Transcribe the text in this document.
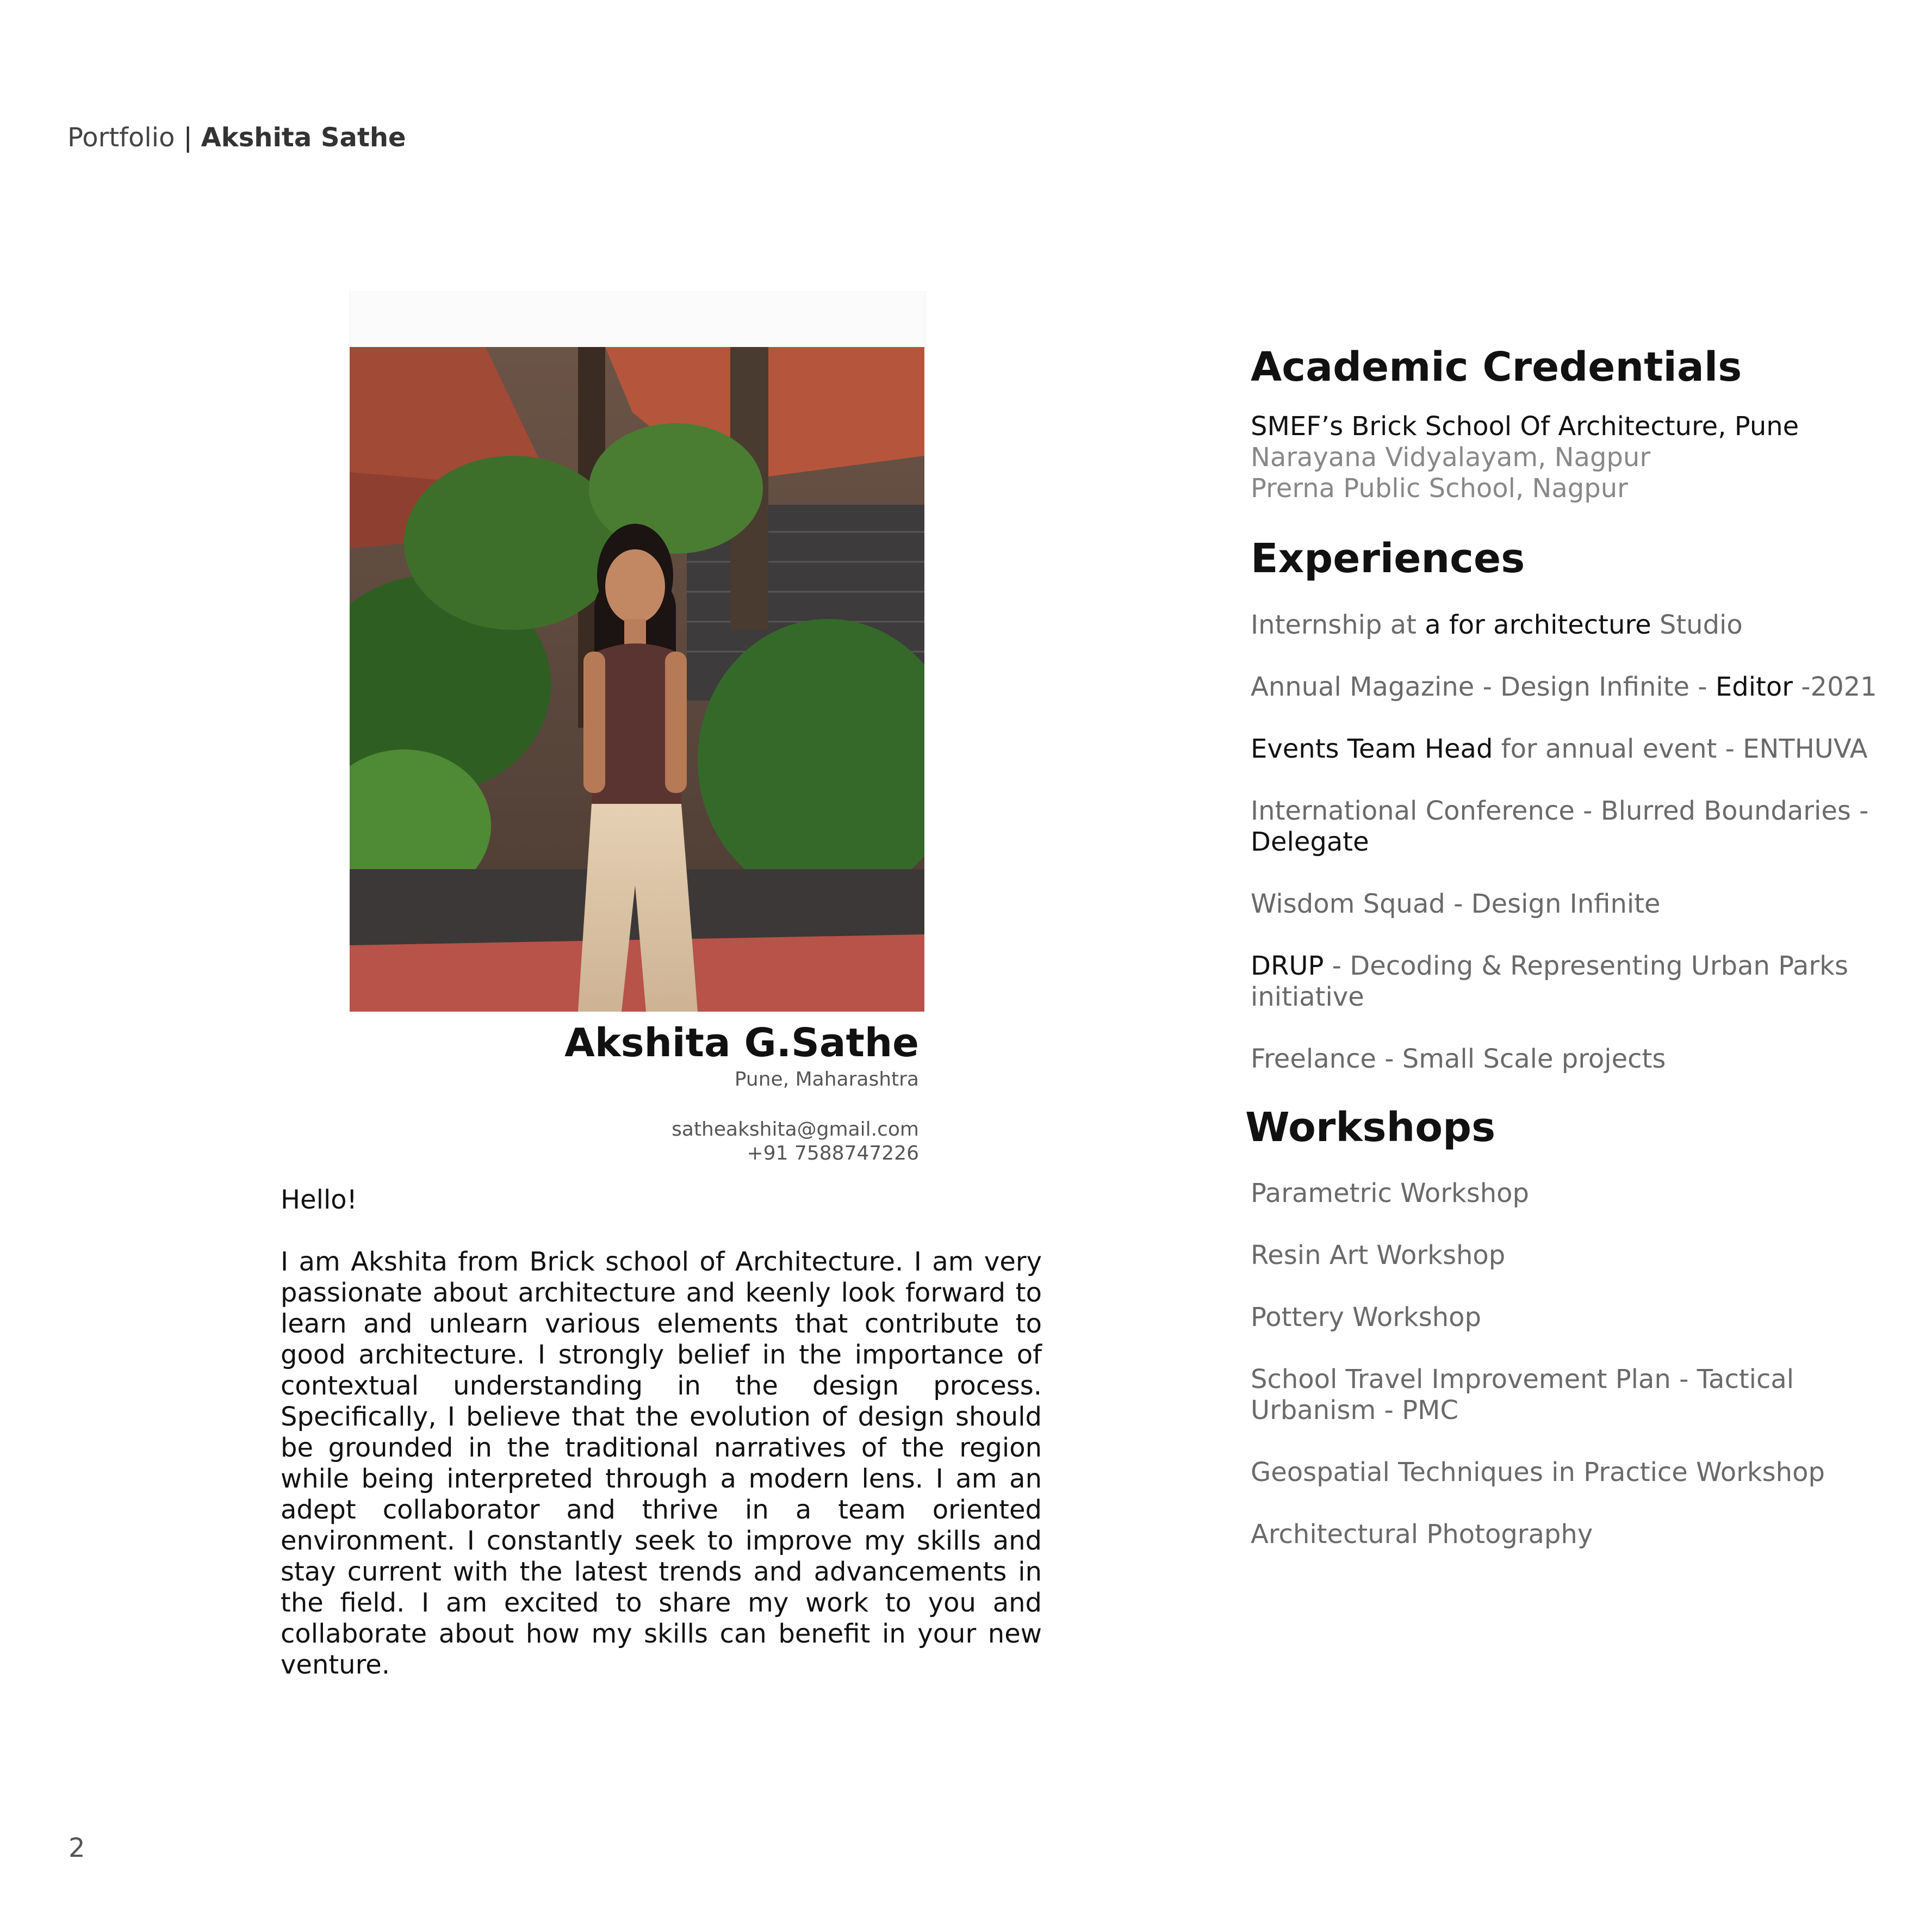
Portfolio | Akshita Sathe
Akshita G.Sathe
Pune, Maharashtra
satheakshita@gmail.com
+91 7588747226
Hello!
I am Akshita from Brick school of Architecture. I am very passionate about architecture and keenly look forward to learn and unlearn various elements that contribute to good architecture. I strongly belief in the importance of contextual understanding in the design process. Specifically, I believe that the evolution of design should be grounded in the traditional narratives of the region while being interpreted through a modern lens. I am an adept collaborator and thrive in a team oriented environment. I constantly seek to improve my skills and stay current with the latest trends and advancements in the field. I am excited to share my work to you and collaborate about how my skills can benefit in your new venture.
Academic Credentials
SMEF’s Brick School Of Architecture, Pune
Narayana Vidyalayam, Nagpur
Prerna Public School, Nagpur
Experiences
Internship at a for architecture Studio
Annual Magazine - Design Infinite - Editor -2021
Events Team Head for annual event - ENTHUVA
International Conference - Blurred Boundaries - Delegate
Wisdom Squad - Design Infinite
DRUP - Decoding & Representing Urban Parks initiative
Freelance - Small Scale projects
Workshops
Parametric Workshop
Resin Art Workshop
Pottery Workshop
School Travel Improvement Plan - Tactical Urbanism - PMC
Geospatial Techniques in Practice Workshop
Architectural Photography
2
